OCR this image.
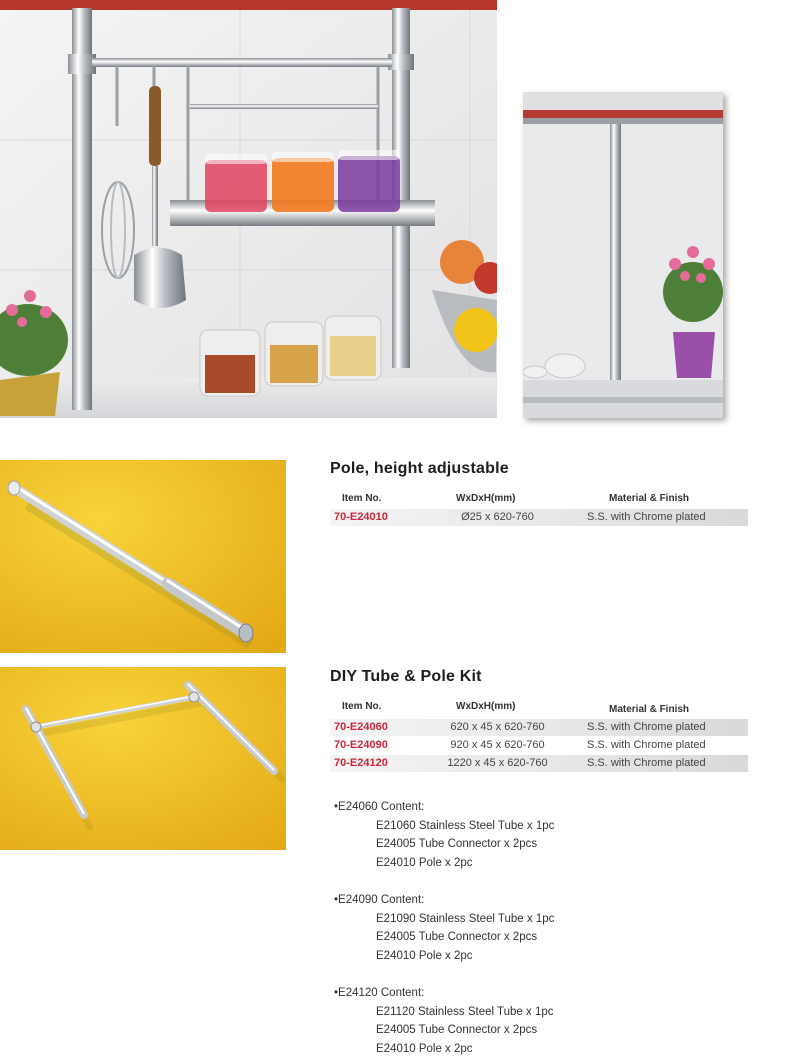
Pole, height adjustable
Item No.	WxDxH(mm)	Material & Finish
70-E24010	Ø25 x 620-760	S.S. with Chrome plated
DIY Tube & Pole Kit
Item No.	WxDxH(mm)	Material & Finish
70-E24060	620 x 45 x 620-760	S.S. with Chrome plated
70-E24090	920 x 45 x 620-760	S.S. with Chrome plated
70-E24120	1220 x 45 x 620-760	S.S. with Chrome plated
•E24060 Content:
E21060 Stainless Steel Tube x 1pc
E24005 Tube Connector x 2pcs
E24010 Pole x 2pc
•E24090 Content:
E21090 Stainless Steel Tube x 1pc
E24005 Tube Connector x 2pcs
E24010 Pole x 2pc
•E24120 Content:
E21120 Stainless Steel Tube x 1pc
E24005 Tube Connector x 2pcs
E24010 Pole x 2pc
